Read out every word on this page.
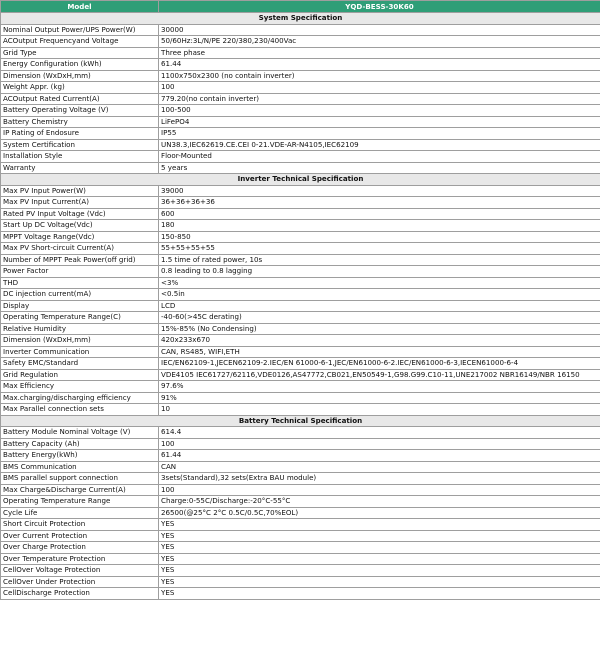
Model	YQD-BESS-30K60
System Specification	
Nominal Output Power/UPS Power(W)	30000
ACOutput Frequencyand Voltage	50/60Hz:3L/N/PE 220/380,230/400Vac
Grid Type	Three phase
Energy Configuration (kWh)	61.44
Dimension (WxDxH,mm)	1100x750x2300 (no contain inverter)
Weight Appr. (kg)	100
ACOutput Rated Current(A)	779.20(no contain inverter)
Battery Operating Voltage (V)	100-500
Battery Chemistry	LiFePO4
IP Rating of Endosure	IP55
System Certification	UN38.3,IEC62619.CE.CEI 0-21.VDE-AR-N4105,IEC62109
Installation Style	Floor-Mounted
Warranty	5 years
Inverter Technical Specification	
Max PV Input Power(W)	39000
Max PV Input Current(A)	36+36+36+36
Rated PV Input Voltage (Vdc)	600
Start Up DC Voltage(Vdc)	180
MPPT Voltage Range(Vdc)	150-850
Max PV Short-circuit Current(A)	55+55+55+55
Number of MPPT Peak Power(off grid)	1.5 time of rated power, 10s
Power Factor	0.8 leading to 0.8 lagging
THD	<3%
DC injection current(mA)	<0.5in
Display	LCD
Operating Temperature Range(C)	-40-60(>45C derating)
Relative Humidity	15%-85% (No Condensing)
Dimension (WxDxH,mm)	420x233x670
Inverter Communication	CAN, RS485, WIFI,ETH
Safety EMC/Standard	IEC/EN62109-1,JECEN62109-2.IEC/EN 61000-6-1,JEC/EN61000-6-2.IEC/EN61000-6-3,IECEN61000-6-4
Grid Regulation	VDE4105 IEC61727/62116,VDE0126,AS47772,CB021,EN50549-1,G98.G99.C10-11,UNE217002 NBR16149/NBR 16150
Max Efficiency	97.6%
Max.charging/discharging efficiency	91%
Max Parallel connection sets	10
Battery Technical Specification	
Battery Module Nominal Voltage (V)	614.4
Battery Capacity (Ah)	100
Battery Energy(kWh)	61.44
BMS Communication	CAN
BMS parallel support connection	3sets(Standard),32 sets(Extra BAU module)
Max Charge&Discharge Current(A)	100
Operating Temperature Range	Charge:0-55C/Discharge:-20°C-55°C
Cycle Life	26500(@25°C 2°C 0.5C/0.5C,70%EOL)
Short Circuit Protection	YES
Over Current Protection	YES
Over Charge Protection	YES
Over Temperature Protection	YES
CellOver Voltage Protection	YES
CellOver Under Protection	YES
CellDischarge Protection	YES
